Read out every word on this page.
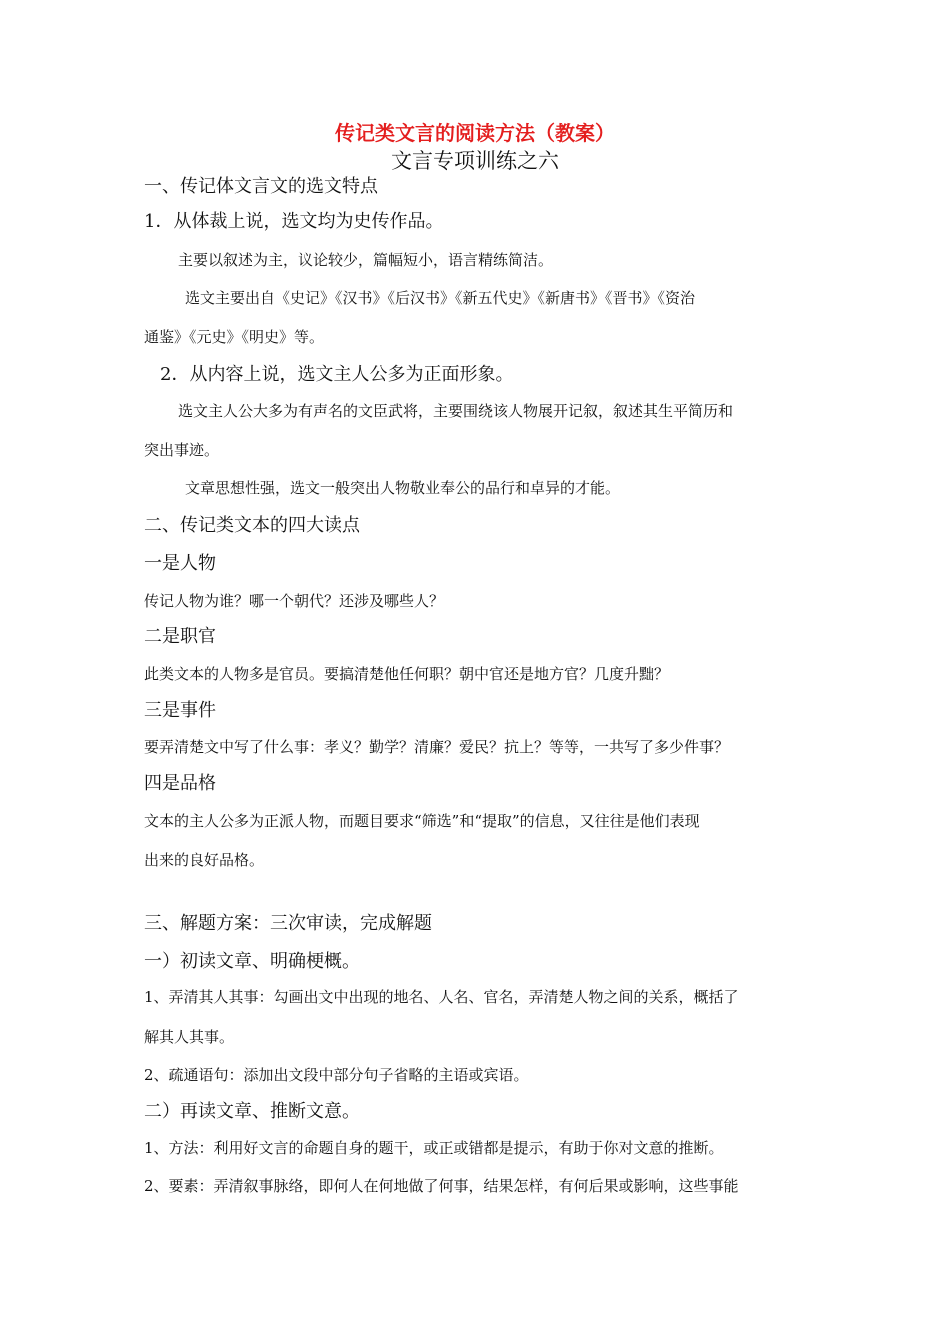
传记类文言的阅读方法（教案）
文言专项训练之六
一、传记体文言文的选文特点
1．从体裁上说，选文均为史传作品。
主要以叙述为主，议论较少，篇幅短小，语言精练简洁。
选文主要出自《史记》《汉书》《后汉书》《新五代史》《新唐书》《晋书》《资治
通鉴》《元史》《明史》等。
2．从内容上说，选文主人公多为正面形象。
选文主人公大多为有声名的文臣武将，主要围绕该人物展开记叙，叙述其生平简历和
突出事迹。
文章思想性强，选文一般突出人物敬业奉公的品行和卓异的才能。
二、传记类文本的四大读点
一是人物
传记人物为谁？哪一个朝代？还涉及哪些人？
二是职官
此类文本的人物多是官员。要搞清楚他任何职？朝中官还是地方官？几度升黜？
三是事件
要弄清楚文中写了什么事：孝义？勤学？清廉？爱民？抗上？等等，一共写了多少件事？
四是品格
文本的主人公多为正派人物，而题目要求“筛选”和“提取”的信息，又往往是他们表现
出来的良好品格。
三、解题方案：三次审读，完成解题
一）初读文章、明确梗概。
1、弄清其人其事：勾画出文中出现的地名、人名、官名，弄清楚人物之间的关系，概括了
解其人其事。
2、疏通语句：添加出文段中部分句子省略的主语或宾语。
二）再读文章、推断文意。
1、方法：利用好文言的命题自身的题干，或正或错都是提示，有助于你对文意的推断。
2、要素：弄清叙事脉络，即何人在何地做了何事，结果怎样，有何后果或影响，这些事能
